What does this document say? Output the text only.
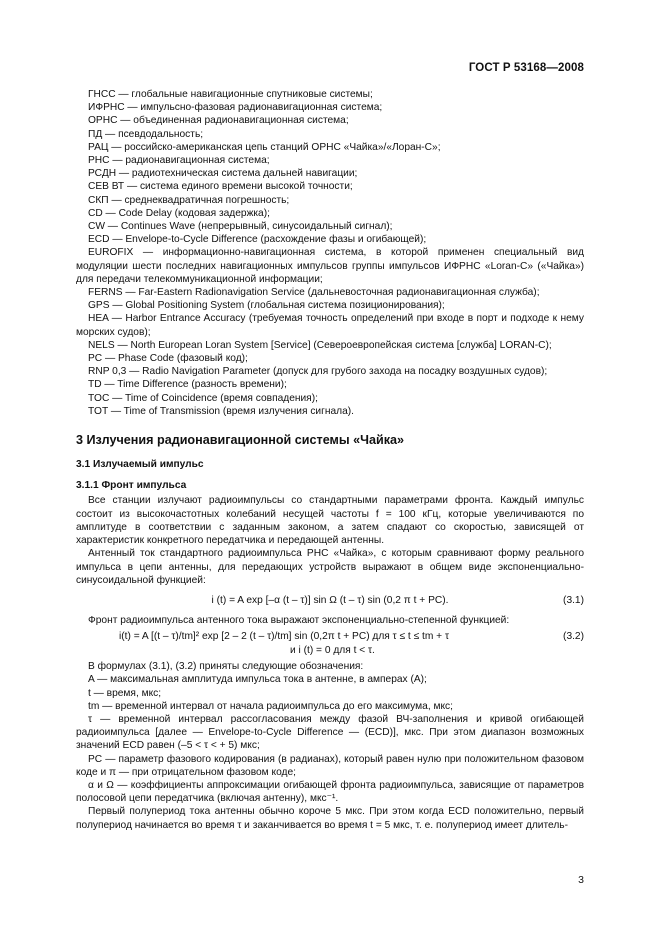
ГОСТ Р 53168—2008

ГНСС — глобальные навигационные спутниковые системы;

ИФРНС — импульсно-фазовая радионавигационная система;

ОРНС — объединенная радионавигационная система;

ПД — псевдодальность;

РАЦ — российско-американская цепь станций ОРНС «Чайка»/«Лоран-С»;

РНС — радионавигационная система;

РСДН — радиотехническая система дальней навигации;

СЕВ ВТ — система единого времени высокой точности;

СКП — среднеквадратичная погрешность;

CD — Code Delay (кодовая задержка);

CW — Continues Wave (непрерывный, синусоидальный сигнал);

ECD — Envelope-to-Cycle Difference (расхождение фазы и огибающей);

EUROFIX — информационно-навигационная система, в которой применен специальный вид модуляции шести последних навигационных импульсов группы импульсов ИФРНС «Loran-C» («Чайка») для передачи телекоммуникационной информации;

FERNS — Far-Eastern Radionavigation Service (дальневосточная радионавигационная служба);

GPS — Global Positioning System (глобальная система позиционирования);

HEA — Harbor Entrance Accuracy (требуемая точность определений при входе в порт и подходе к нему морских судов);

NELS — North European Loran System [Service] (Североевропейская система [служба] LORAN-C);

PC — Phase Code (фазовый код);

RNP 0,3 — Radio Navigation Parameter (допуск для грубого захода на посадку воздушных судов);

TD — Time Difference (разность времени);

TOC — Time of Coincidence (время совпадения);

TOT — Time of Transmission (время излучения сигнала).

3 Излучения радионавигационной системы «Чайка»

3.1 Излучаемый импульс

3.1.1 Фронт импульса

Все станции излучают радиоимпульсы со стандартными параметрами фронта. Каждый импульс состоит из высокочастотных колебаний несущей частоты f = 100 кГц, которые увеличиваются по амплитуде в соответствии с заданным законом, а затем спадают со скоростью, зависящей от характеристик конкретного передатчика и передающей антенны.

Антенный ток стандартного радиоимпульса РНС «Чайка», с которым сравнивают форму реального импульса в цепи антенны, для передающих устройств выражают в общем виде экспоненциально-синусоидальной функцией:

i (t) = A exp [–α (t – τ)] sin Ω (t – τ) sin (0,2 π t + PC).	(3.1)

Фронт радиоимпульса антенного тока выражают экспоненциально-степенной функцией:

i(t) = A [(t – τ)/tm]² exp [2 – 2 (t – τ)/tm] sin (0,2π t + PC) для τ ≤ t ≤ tm + τ
и i (t) = 0 для t < τ.
(3.2)

В формулах (3.1), (3.2) приняты следующие обозначения:

A — максимальная амплитуда импульса тока в антенне, в амперах (A);

t — время, мкс;

tm — временной интервал от начала радиоимпульса до его максимума, мкс;

τ — временной интервал рассогласования между фазой ВЧ-заполнения и кривой огибающей радиоимпульса [далее — Envelope-to-Cycle Difference — (ECD)], мкс. При этом диапазон возможных значений ECD равен (–5 < τ < + 5) мкс;

PC — параметр фазового кодирования (в радианах), который равен нулю при положительном фазовом коде и π — при отрицательном фазовом коде;

α и Ω — коэффициенты аппроксимации огибающей фронта радиоимпульса, зависящие от параметров полосовой цепи передатчика (включая антенну), мкс⁻¹.

Первый полупериод тока антенны обычно короче 5 мкс. При этом когда ECD положительно, первый полупериод начинается во время τ и заканчивается во время t = 5 мкс, т. е. полупериод имеет длитель-

3
